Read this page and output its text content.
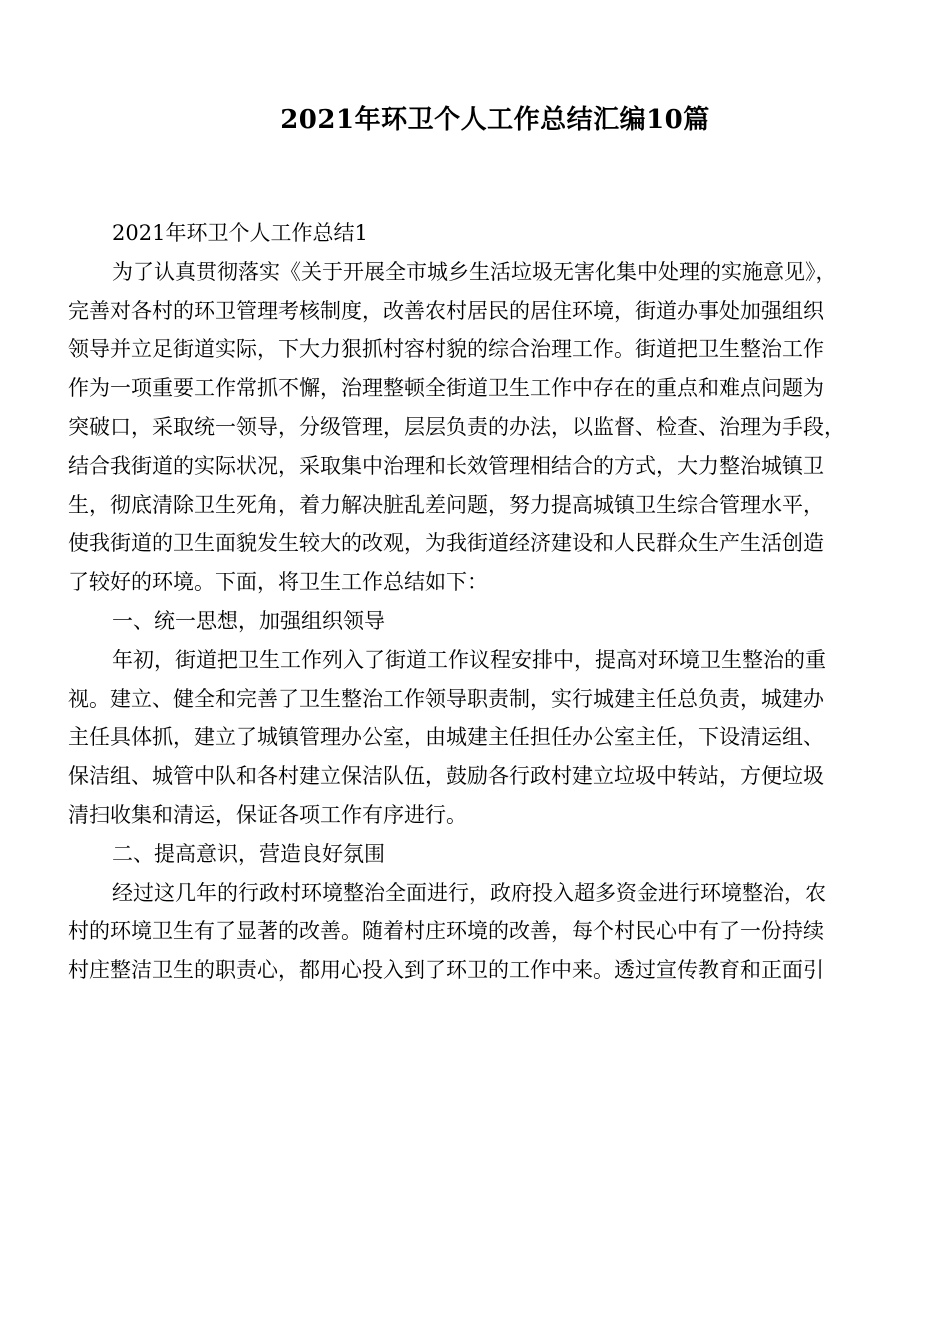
2021年环卫个人工作总结汇编10篇
2021年环卫个人工作总结1
为了认真贯彻落实《关于开展全市城乡生活垃圾无害化集中处理的实施意见》，
完善对各村的环卫管理考核制度，改善农村居民的居住环境，街道办事处加强组织
领导并立足街道实际，下大力狠抓村容村貌的综合治理工作。街道把卫生整治工作
作为一项重要工作常抓不懈，治理整顿全街道卫生工作中存在的重点和难点问题为
突破口，采取统一领导，分级管理，层层负责的办法，以监督、检查、治理为手段，
结合我街道的实际状况，采取集中治理和长效管理相结合的方式，大力整治城镇卫
生，彻底清除卫生死角，着力解决脏乱差问题，努力提高城镇卫生综合管理水平，
使我街道的卫生面貌发生较大的改观，为我街道经济建设和人民群众生产生活创造
了较好的环境。下面，将卫生工作总结如下：
一、统一思想，加强组织领导
年初，街道把卫生工作列入了街道工作议程安排中，提高对环境卫生整治的重
视。建立、健全和完善了卫生整治工作领导职责制，实行城建主任总负责，城建办
主任具体抓，建立了城镇管理办公室，由城建主任担任办公室主任，下设清运组、
保洁组、城管中队和各村建立保洁队伍，鼓励各行政村建立垃圾中转站，方便垃圾
清扫收集和清运，保证各项工作有序进行。
二、提高意识，营造良好氛围
经过这几年的行政村环境整治全面进行，政府投入超多资金进行环境整治，农
村的环境卫生有了显著的改善。随着村庄环境的改善，每个村民心中有了一份持续
村庄整洁卫生的职责心，都用心投入到了环卫的工作中来。透过宣传教育和正面引
